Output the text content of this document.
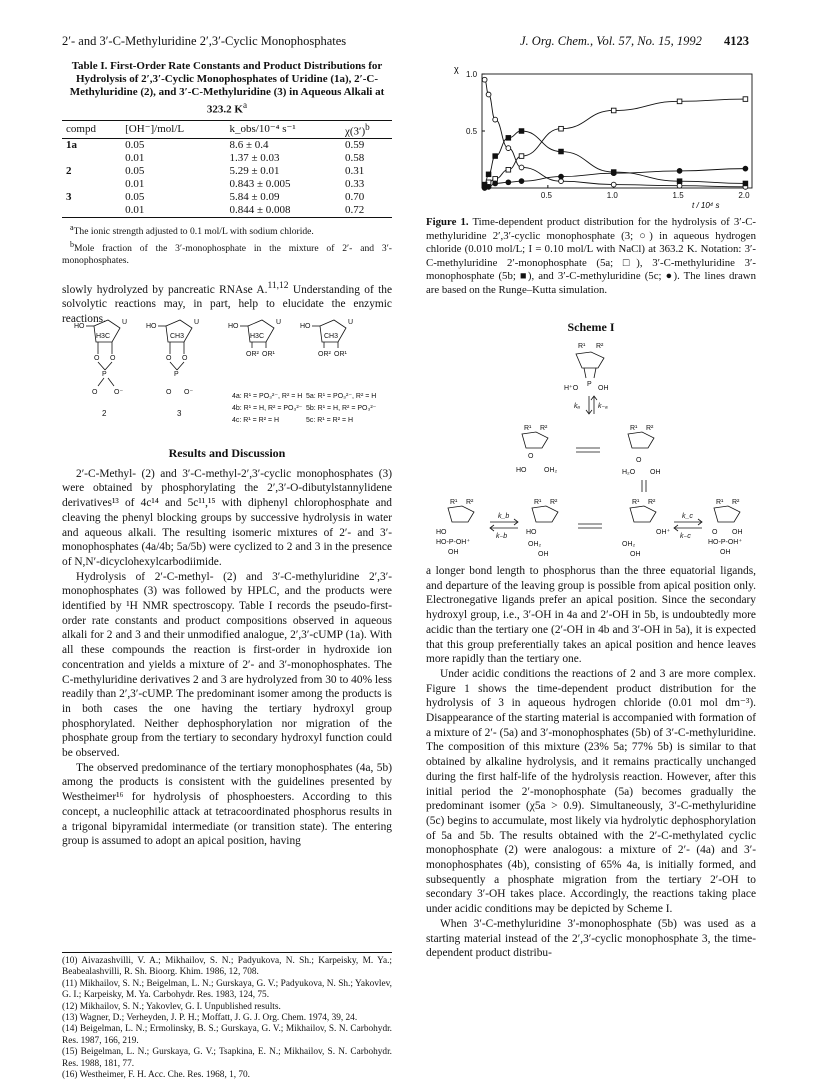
2′- and 3′-C-Methyluridine 2′,3′-Cyclic Monophosphates	J. Org. Chem., Vol. 57, No. 15, 1992 4123
Table I. First-Order Rate Constants and Product Distributions for Hydrolysis of 2′,3′-Cyclic Monophosphates of Uridine (1a), 2′-C-Methyluridine (2), and 3′-C-Methyluridine (3) in Aqueous Alkali at 323.2 $K^a$
compd	[OH⁻]/mol/L	k_obs/10⁻⁴ s⁻¹	$\chi(3')^b$
1a	0.05	8.6 ± 0.4	0.59
	0.01	1.37 ± 0.03	0.58
2	0.05	5.29 ± 0.01	0.31
	0.01	0.843 ± 0.005	0.33
3	0.05	5.84 ± 0.09	0.70
	0.01	0.844 ± 0.008	0.72
$^a$The ionic strength adjusted to 0.1 mol/L with sodium chloride.
$^b$Mole fraction of the 3′-monophosphate in the mixture of 2′- and 3′-monophosphates.

slowly hydrolyzed by pancreatic RNAse A.$^{11,12}$ Understanding of the solvolytic reactions may, in part, help to elucidate the enzymic reactions.

HO
U
H3C
O O
P
O O⁻
2
HO
U
CH3
O O
P
O O⁻
3
HO
U
H3C
OR² OR¹
HO
U
CH3
OR² OR¹
4a: R¹ = PO₃²⁻, R² = H 5a: R¹ = PO₃²⁻, R² = H
4b: R¹ = H, R² = PO₃²⁻ 5b: R¹ = H, R² = PO₃²⁻
4c: R¹ = R² = H	5c: R¹ = R² = H
Results and Discussion

2′-C-Methyl- (2) and 3′-C-methyl-2′,3′-cyclic monophosphates (3) were obtained by phosphorylating the 2′,3′-O-dibutylstannylidene derivatives¹³ of 4c¹⁴ and 5c¹¹,¹⁵ with diphenyl chlorophosphate and cleaving the phenyl blocking groups by successive hydrolysis in water and aqueous alkali. The resulting isomeric mixtures of 2′- and 3′-monophosphates (4a/4b; 5a/5b) were cyclized to 2 and 3 in the presence of N,N′-dicyclohexylcarbodiimide.

Hydrolysis of 2′-C-methyl- (2) and 3′-C-methyluridine 2′,3′-monophosphates (3) was followed by HPLC, and the products were identified by ¹H NMR spectroscopy. Table I records the pseudo-first-order rate constants and product compositions observed in aqueous alkali for 2 and 3 and their unmodified analogue, 2′,3′-cUMP (1a). With all these compounds the reaction is first-order in hydroxide ion concentration and yields a mixture of 2′- and 3′-monophosphates. The C-methyluridine derivatives 2 and 3 are hydrolyzed from 30 to 40% less readily than 2′,3′-cUMP. The predominant isomer among the products is in both cases the one having the tertiary hydroxyl group phosphorylated. Neither dephosphorylation nor migration of the phosphate group from the tertiary to secondary hydroxyl function could be observed.

The observed predominance of the tertiary monophosphates (4a, 5b) among the products is consistent with the guidelines presented by Westheimer¹⁶ for hydrolysis of phosphoesters. According to this concept, a nucleophilic attack at tetracoordinated phosphorus results in a trigonal bipyramidal intermediate (or transition state). The entering group is assumed to adopt an apical position, having

(10) Aivazashvilli, V. A.; Mikhailov, S. N.; Padyukova, N. Sh.; Karpeisky, M. Ya.; Beabealashvilli, R. Sh. Bioorg. Khim. 1986, 12, 708.

(11) Mikhailov, S. N.; Beigelman, L. N.; Gurskaya, G. V.; Padyukova, N. Sh.; Yakovlev, G. I.; Karpeisky, M. Ya. Carbohydr. Res. 1983, 124, 75.

(12) Mikhailov, S. N.; Yakovlev, G. I. Unpublished results.

(13) Wagner, D.; Verheyden, J. P. H.; Moffatt, J. G. J. Org. Chem. 1974, 39, 24.

(14) Beigelman, L. N.; Ermolinsky, B. S.; Gurskaya, G. V.; Mikhailov, S. N. Carbohydr. Res. 1987, 166, 219.

(15) Beigelman, L. N.; Gurskaya, G. V.; Tsapkina, E. N.; Mikhailov, S. N. Carbohydr. Res. 1988, 181, 77.

(16) Westheimer, F. H. Acc. Che. Res. 1968, 1, 70.

χ
0.5	1.0	1.5	2.0
1.0
0.5
t / 10⁴ s
Figure 1. Time-dependent product distribution for the hydrolysis of 3′-C-methyluridine 2′,3′-cyclic monophosphate (3; ○) in aqueous hydrogen chloride (0.010 mol/L; I = 0.10 mol/L with NaCl) at 363.2 K. Notation: 3′-C-methyluridine 2′-monophosphate (5a; □), 3′-C-methyluridine 3′-monophosphate (5b; ■), and 3′-C-methyluridine (5c; ●). The lines drawn are based on the Runge–Kutta simulation.
Scheme I
R¹ R²
P
H⁺O	OH
kₐ	k₋ₐ
R¹ R²
O
HO	OH₂
R¹ R²
O
H₂O OH
R¹ R²
HO
HO-P-OH⁺
OH
k_b
k₋b
R¹ R²
HO
OH₂
OH
R¹ R²
OH⁺
OH₂
OH
k_c
k₋c
R¹ R²
O OH
HO-P-OH⁺
OH

a longer bond length to phosphorus than the three equatorial ligands, and departure of the leaving group is possible from apical position only. Electronegative ligands prefer an apical position. Since the secondary hydroxyl group, i.e., 3′-OH in 4a and 2′-OH in 5b, is undoubtedly more acidic than the tertiary one (2′-OH in 4b and 3′-OH in 5a), it is expected that this group preferentially takes an apical position and hence leaves more rapidly than the tertiary one.

Under acidic conditions the reactions of 2 and 3 are more complex. Figure 1 shows the time-dependent product distribution for the hydrolysis of 3 in aqueous hydrogen chloride (0.01 mol dm⁻³). Disappearance of the starting material is accompanied with formation of a mixture of 2′- (5a) and 3′-monophosphates (5b) of 3′-C-methyluridine. The composition of this mixture (23% 5a; 77% 5b) is similar to that obtained by alkaline hydrolysis, and it remains practically unchanged during the first half-life of the hydrolysis reaction. However, after this initial period the 2′-monophosphate (5a) becomes gradually the predominant isomer (χ5a > 0.9). Simultaneously, 3′-C-methyluridine (5c) begins to accumulate, most likely via hydrolytic dephosphorylation of 5a and 5b. The results obtained with the 2′-C-methylated cyclic monophosphate (2) were analogous: a mixture of 2′- (4a) and 3′-monophosphates (4b), consisting of 65% 4a, is initially formed, and subsequently a phosphate migration from the tertiary 2′-OH to secondary 3′-OH takes place. Accordingly, the reactions taking place under acidic conditions may be depicted by Scheme I.

When 3′-C-methyluridine 3′-monophosphate (5b) was used as a starting material instead of the 2′,3′-cyclic monophosphate 3, the time-dependent product distribu-
